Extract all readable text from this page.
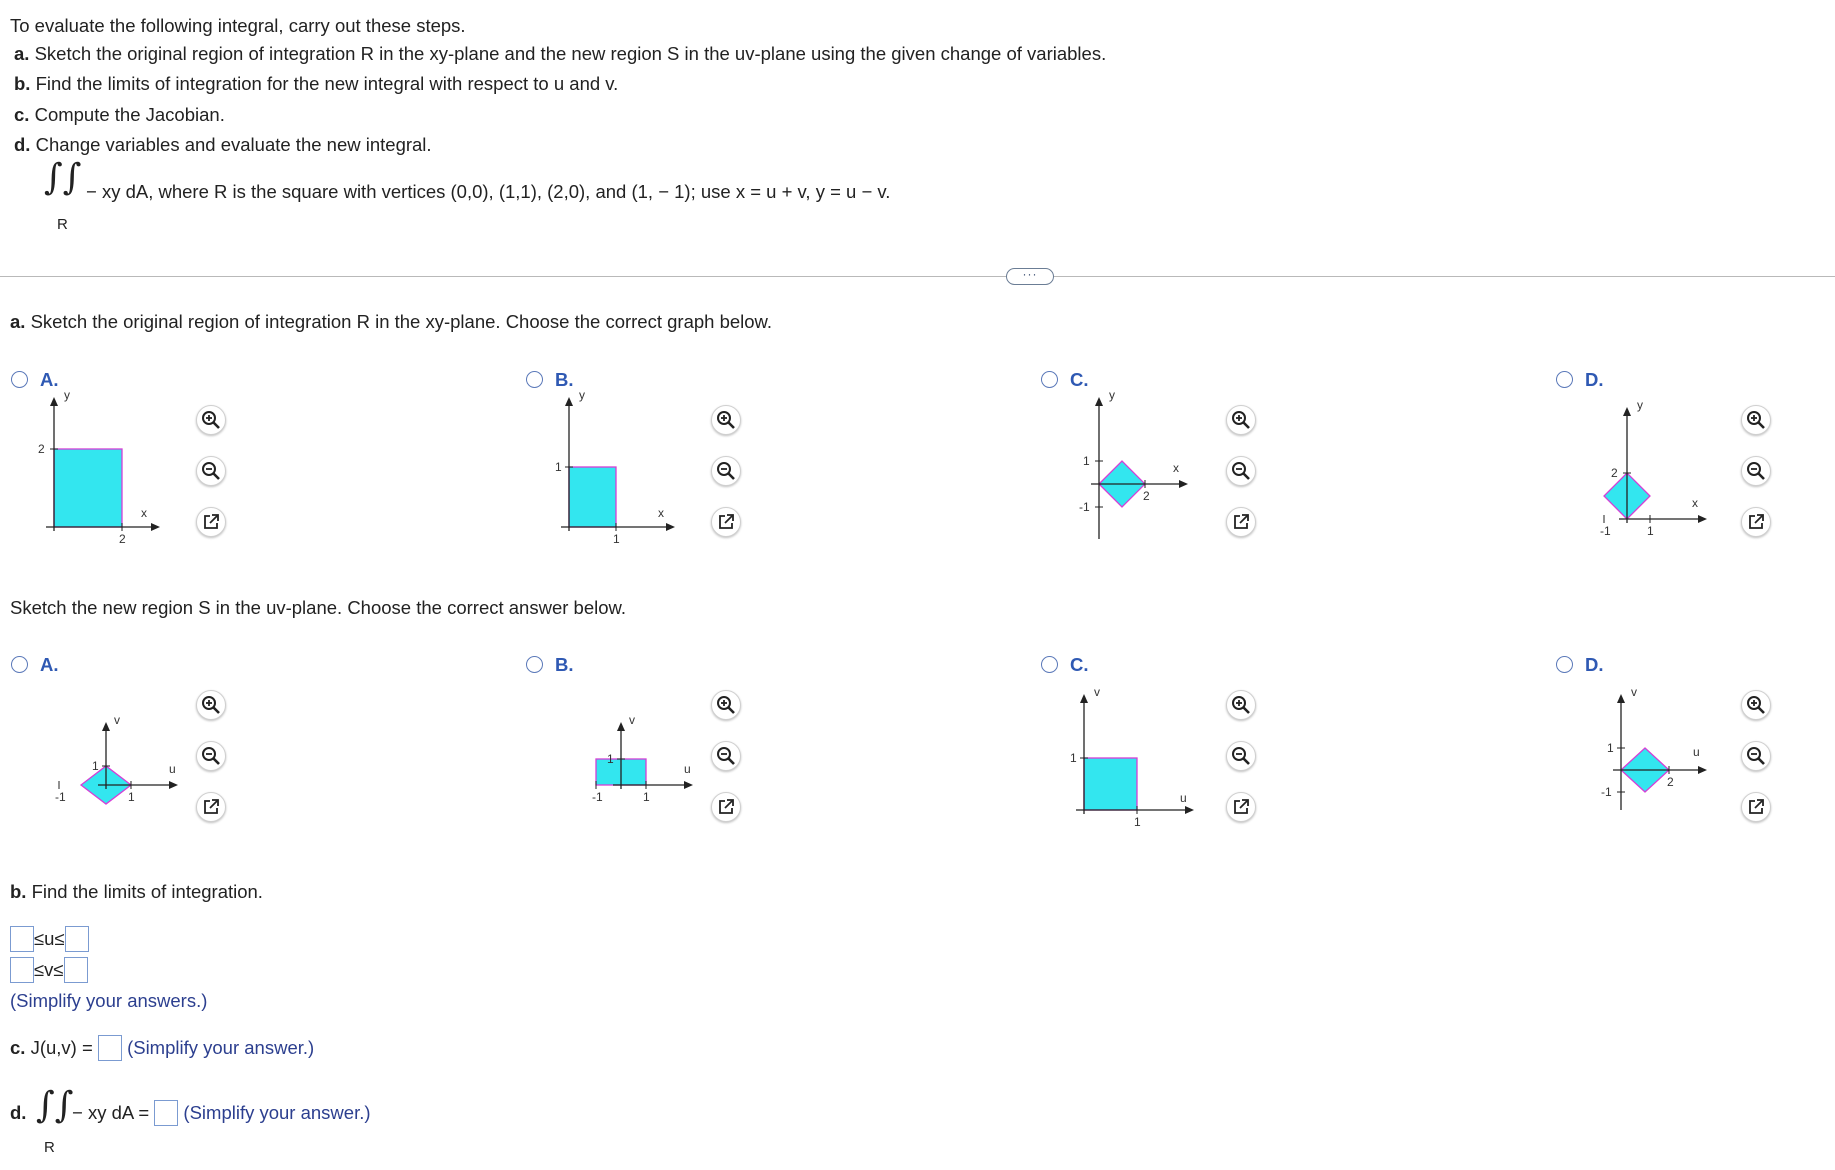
To evaluate the following integral, carry out these steps.
a. Sketch the original region of integration R in the xy-plane and the new region S in the uv-plane using the given change of variables.
b. Find the limits of integration for the new integral with respect to u and v.
c. Compute the Jacobian.
d. Change variables and evaluate the new integral.
∫∫
R
− xy dA, where R is the square with vertices (0,0), (1,1), (2,0), and (1, − 1); use x = u + v, y = u − v.
···
a. Sketch the original region of integration R in the xy-plane. Choose the correct graph below.
A.
y
x
2
2
B.
y
x
1
1
C.
y
x
1
-1
2
D.
y
x
2
-1	1
Sketch the new region S in the uv-plane. Choose the correct answer below.
A.
v
u
1
-1	1
B.
v
u
1
-1	1
C.
v
u
1
1
D.
v
u
1
-1
2
b. Find the limits of integration.
≤u≤
≤v≤
(Simplify your answers.)
c. J(u,v) = (Simplify your answer.)
d. ∫∫
R
− xy dA = (Simplify your answer.)
